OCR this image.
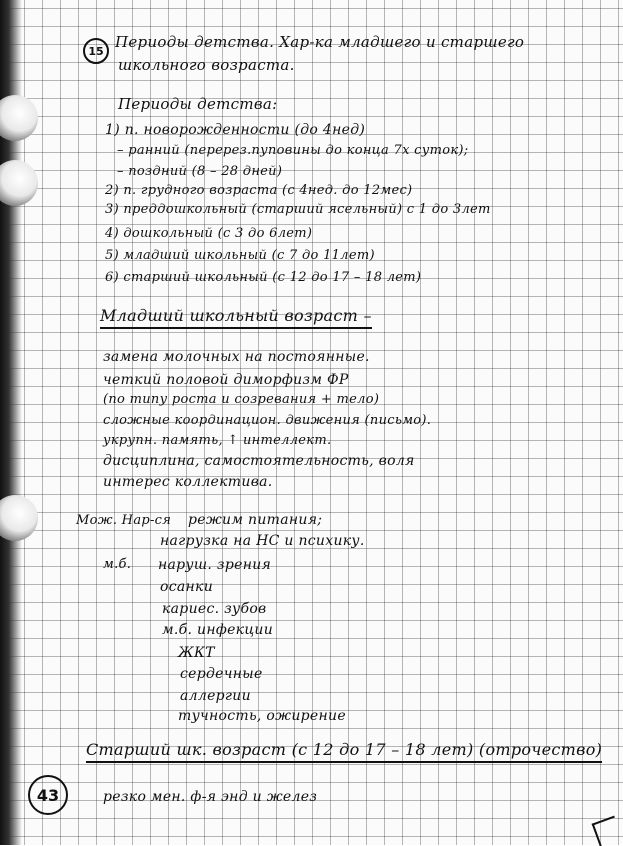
15 Периоды детства. Хар-ка младшего и старшего
школьного возраста.
Периоды детства:
1) п. новорожденности (до 4нед)
– ранний (перерез.пуповины до конца 7х суток);
– поздний (8 – 28 дней)
2) п. грудного возраста (с 4нед. до 12мес)
3) преддошкольный (старший ясельный) с 1 до 3лет
4) дошкольный (с 3 до 6лет)
5) младший школьный (с 7 до 11лет)
6) старший школьный (с 12 до 17 – 18 лет)
Младший школьный возраст –
замена молочных на постоянные.
четкий половой диморфизм ФР
(по типу роста и созревания + тело)
сложные координацион. движения (письмо).
укрупн. память, ↑ интеллект.
дисциплина, самостоятельность, воля
интерес коллектива.
Мож. Нар-ся режим питания;
нагрузка на НС и психику.
м.б. наруш. зрения
осанки
кариес. зубов
м.б. инфекции
ЖКТ
сердечные
аллергии
тучность, ожирение
Старший шк. возраст (с 12 до 17 – 18 лет) (отрочество)
43	резко мен. ф-я энд и желез
